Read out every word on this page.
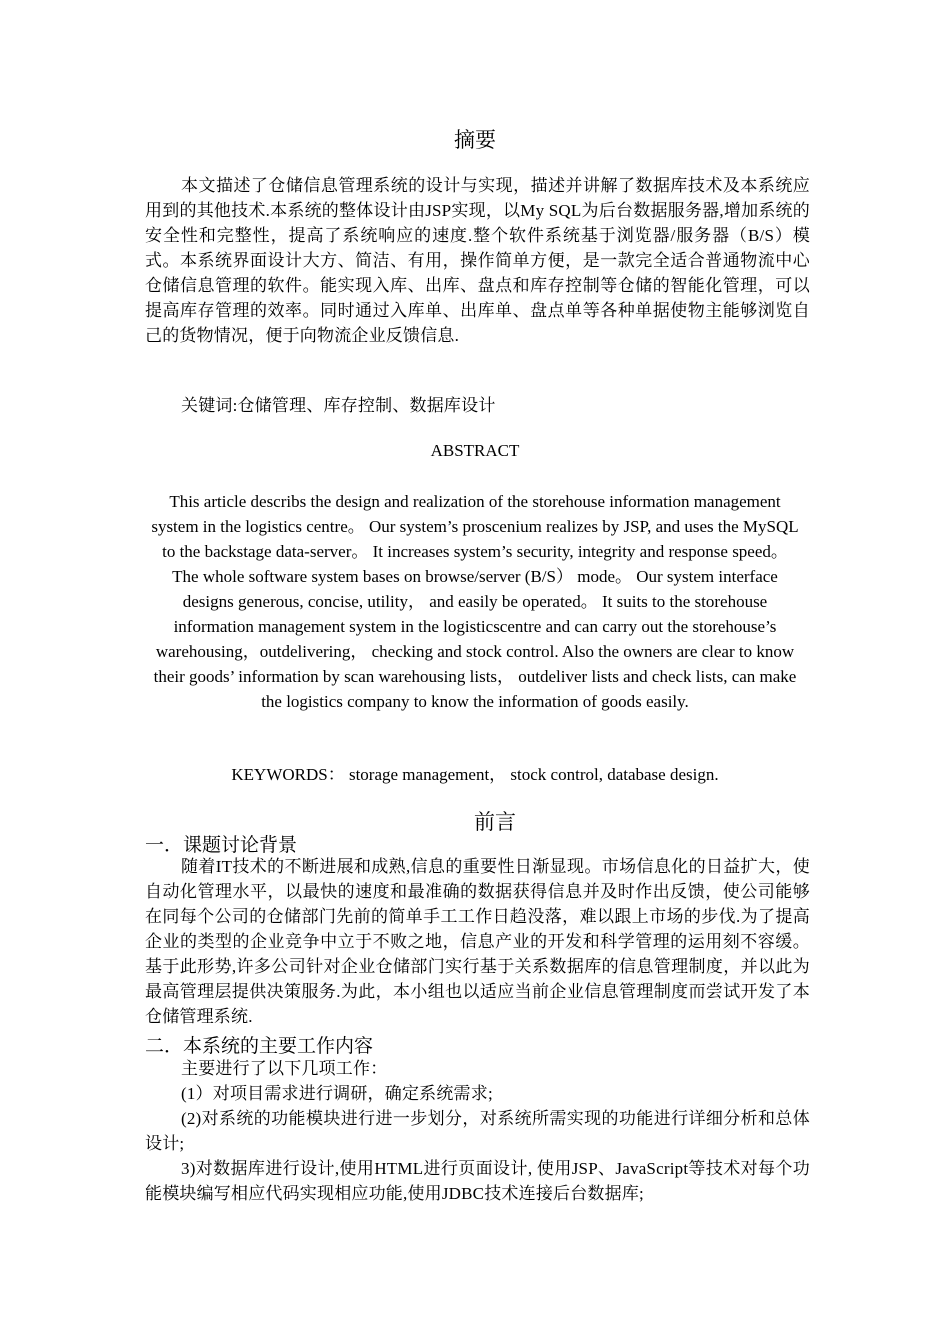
摘要
本文描述了仓储信息管理系统的设计与实现，描述并讲解了数据库技术及本系统应用到的其他技术.本系统的整体设计由JSP实现，以My SQL为后台数据服务器,增加系统的安全性和完整性，提高了系统响应的速度.整个软件系统基于浏览器/服务器（B/S）模式。本系统界面设计大方、简洁、有用，操作简单方便，是一款完全适合普通物流中心仓储信息管理的软件。能实现入库、出库、盘点和库存控制等仓储的智能化管理，可以提高库存管理的效率。同时通过入库单、出库单、盘点单等各种单据使物主能够浏览自己的货物情况，便于向物流企业反馈信息.
关键词:仓储管理、库存控制、数据库设计
ABSTRACT
This article describs the design and realization of the storehouse information management system in the logistics centre。 Our system’s proscenium realizes by JSP, and uses the MySQL to the backstage data-server。 It increases system’s security, integrity and response speed。 The whole software system bases on browse/server (B/S） mode。 Our system interface designs generous, concise, utility， and easily be operated。 It suits to the storehouse information management system in the logisticscentre and can carry out the storehouse’s warehousing，outdelivering， checking and stock control. Also the owners are clear to know their goods’ information by scan warehousing lists， outdeliver lists and check lists, can make the logistics company to know the information of goods easily.
KEYWORDS： storage management， stock control, database design.
前言
一．课题讨论背景
随着IT技术的不断进展和成熟,信息的重要性日渐显现。市场信息化的日益扩大，使自动化管理水平，以最快的速度和最准确的数据获得信息并及时作出反馈，使公司能够在同每个公司的仓储部门先前的简单手工工作日趋没落，难以跟上市场的步伐.为了提高企业的类型的企业竞争中立于不败之地，信息产业的开发和科学管理的运用刻不容缓。基于此形势,许多公司针对企业仓储部门实行基于关系数据库的信息管理制度，并以此为最高管理层提供决策服务.为此，本小组也以适应当前企业信息管理制度而尝试开发了本仓储管理系统.
二．本系统的主要工作内容
主要进行了以下几项工作：
(1）对项目需求进行调研，确定系统需求;
(2)对系统的功能模块进行进一步划分，对系统所需实现的功能进行详细分析和总体设计;
3)对数据库进行设计,使用HTML进行页面设计, 使用JSP、JavaScript等技术对每个功能模块编写相应代码实现相应功能,使用JDBC技术连接后台数据库;
